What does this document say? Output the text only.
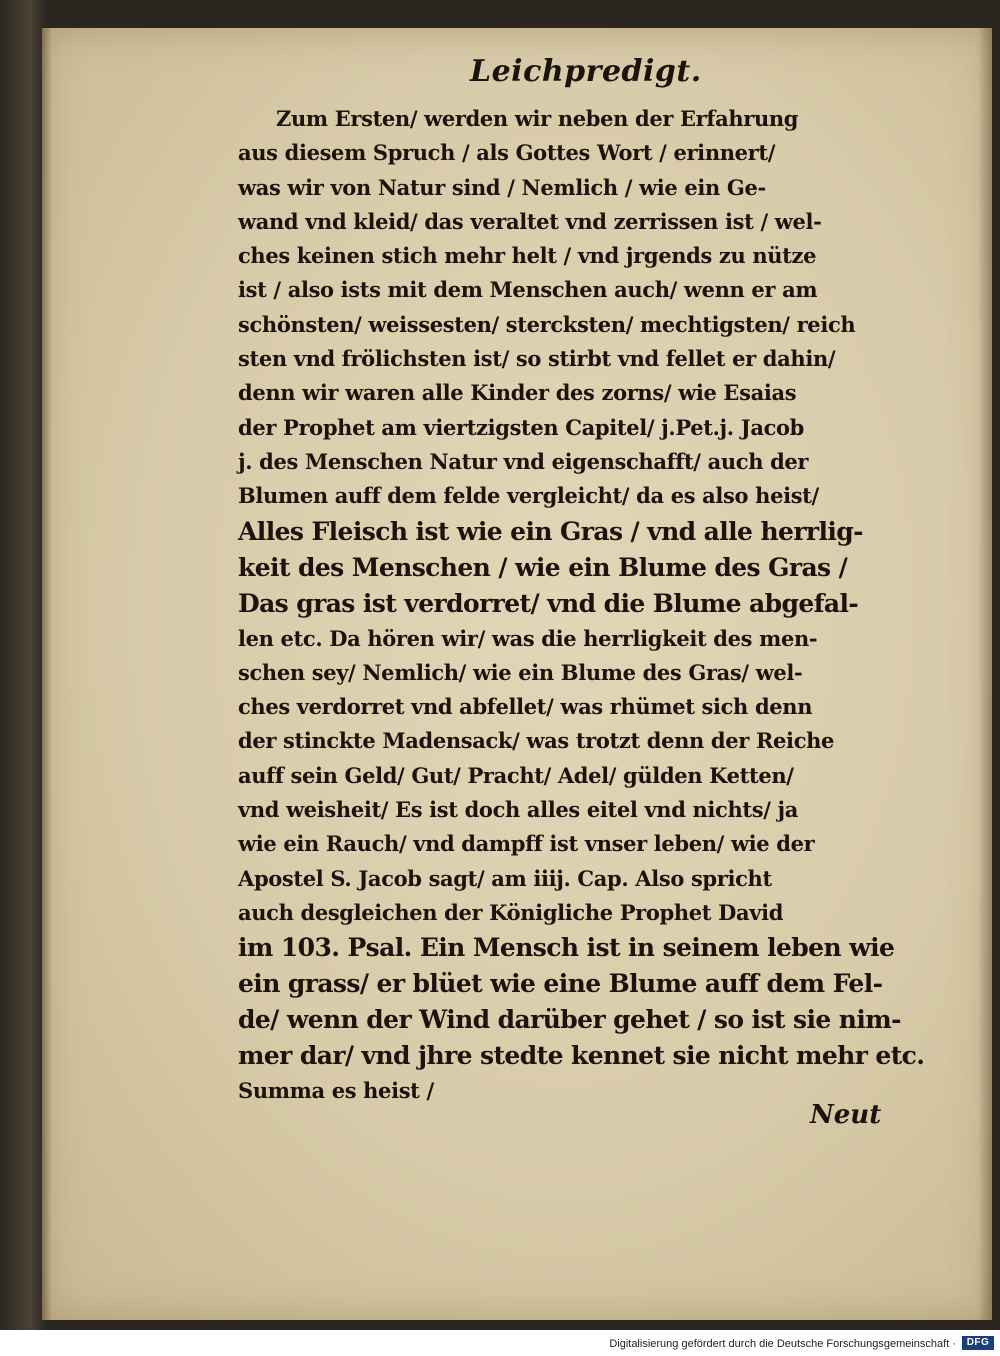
Leichpredigt.
Zum Ersten/ werden wir neben der Erfahrung
aus diesem Spruch / als Gottes Wort / erinnert/
was wir von Natur sind / Nemlich / wie ein Ge-
wand vnd kleid/ das veraltet vnd zerrissen ist / wel-
ches keinen stich mehr helt / vnd jrgends zu nütze
ist / also ists mit dem Menschen auch/ wenn er am
schönsten/ weissesten/ stercksten/ mechtigsten/ reich
sten vnd frölichsten ist/ so stirbt vnd fellet er dahin/
denn wir waren alle Kinder des zorns/ wie Esaias
der Prophet am viertzigsten Capitel/ j.Pet.j. Jacob
j. des Menschen Natur vnd eigenschafft/ auch der
Blumen auff dem felde vergleicht/ da es also heist/
Alles Fleisch ist wie ein Gras / vnd alle herrlig-
keit des Menschen / wie ein Blume des Gras /
Das gras ist verdorret/ vnd die Blume abgefal-
len etc. Da hören wir/ was die herrligkeit des men-
schen sey/ Nemlich/ wie ein Blume des Gras/ wel-
ches verdorret vnd abfellet/ was rhümet sich denn
der stinckte Madensack/ was trotzt denn der Reiche
auff sein Geld/ Gut/ Pracht/ Adel/ gülden Ketten/
vnd weisheit/ Es ist doch alles eitel vnd nichts/ ja
wie ein Rauch/ vnd dampff ist vnser leben/ wie der
Apostel S. Jacob sagt/ am iiij. Cap. Also spricht
auch desgleichen der Königliche Prophet David
im 103. Psal. Ein Mensch ist in seinem leben wie
ein grass/ er blüet wie eine Blume auff dem Fel-
de/ wenn der Wind darüber gehet / so ist sie nim-
mer dar/ vnd jhre stedte kennet sie nicht mehr etc.
Summa es heist /
Neut
Digitalisierung gefördert durch die Deutsche Forschungsgemeinschaft ·	DFG
